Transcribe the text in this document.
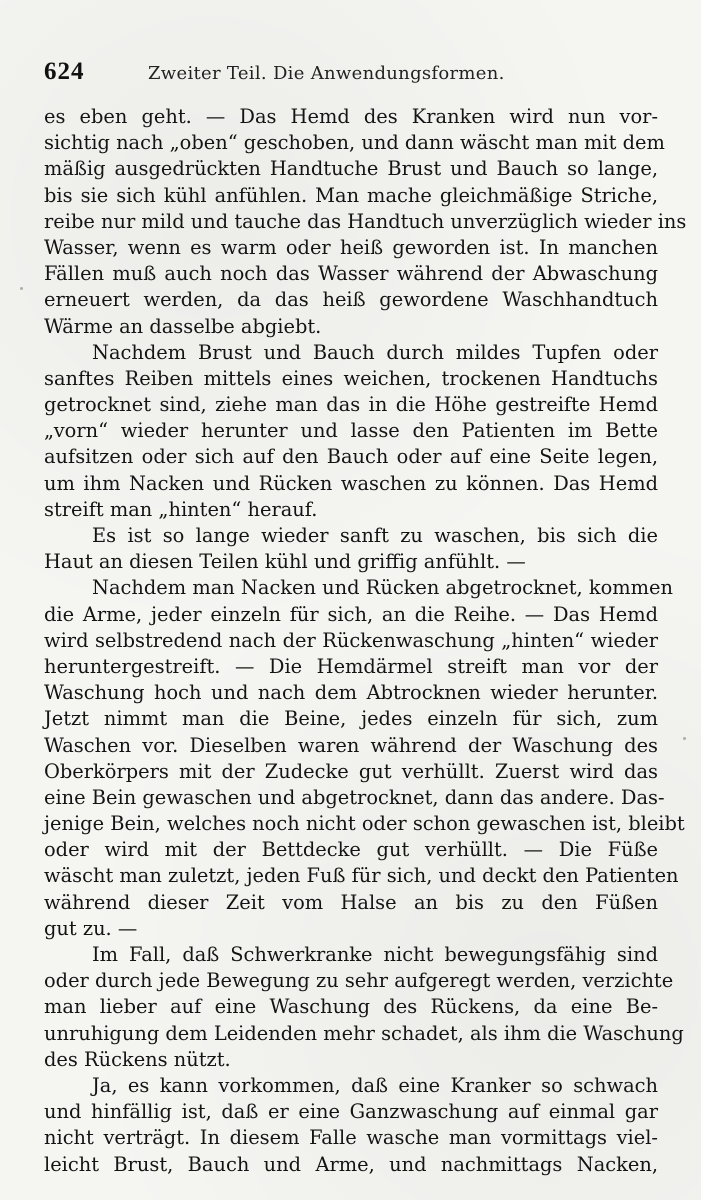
624	Zweiter Teil. Die Anwendungsformen.
es eben geht. — Das Hemd des Kranken wird nun vor-
sichtig nach „oben“ geschoben, und dann wäscht man mit dem
mäßig ausgedrückten Handtuche Brust und Bauch so lange,
bis sie sich kühl anfühlen. Man mache gleichmäßige Striche,
reibe nur mild und tauche das Handtuch unverzüglich wieder ins
Wasser, wenn es warm oder heiß geworden ist. In manchen
Fällen muß auch noch das Wasser während der Abwaschung
erneuert werden, da das heiß gewordene Waschhandtuch
Wärme an dasselbe abgiebt.
Nachdem Brust und Bauch durch mildes Tupfen oder
sanftes Reiben mittels eines weichen, trockenen Handtuchs
getrocknet sind, ziehe man das in die Höhe gestreifte Hemd
„vorn“ wieder herunter und lasse den Patienten im Bette
aufsitzen oder sich auf den Bauch oder auf eine Seite legen,
um ihm Nacken und Rücken waschen zu können. Das Hemd
streift man „hinten“ herauf.
Es ist so lange wieder sanft zu waschen, bis sich die
Haut an diesen Teilen kühl und griffig anfühlt. —
Nachdem man Nacken und Rücken abgetrocknet, kommen
die Arme, jeder einzeln für sich, an die Reihe. — Das Hemd
wird selbstredend nach der Rückenwaschung „hinten“ wieder
heruntergestreift. — Die Hemdärmel streift man vor der
Waschung hoch und nach dem Abtrocknen wieder herunter.
Jetzt nimmt man die Beine, jedes einzeln für sich, zum
Waschen vor. Dieselben waren während der Waschung des
Oberkörpers mit der Zudecke gut verhüllt. Zuerst wird das
eine Bein gewaschen und abgetrocknet, dann das andere. Das-
jenige Bein, welches noch nicht oder schon gewaschen ist, bleibt
oder wird mit der Bettdecke gut verhüllt. — Die Füße
wäscht man zuletzt, jeden Fuß für sich, und deckt den Patienten
während dieser Zeit vom Halse an bis zu den Füßen
gut zu. —
Im Fall, daß Schwerkranke nicht bewegungsfähig sind
oder durch jede Bewegung zu sehr aufgeregt werden, verzichte
man lieber auf eine Waschung des Rückens, da eine Be-
unruhigung dem Leidenden mehr schadet, als ihm die Waschung
des Rückens nützt.
Ja, es kann vorkommen, daß eine Kranker so schwach
und hinfällig ist, daß er eine Ganzwaschung auf einmal gar
nicht verträgt. In diesem Falle wasche man vormittags viel-
leicht Brust, Bauch und Arme, und nachmittags Nacken,
